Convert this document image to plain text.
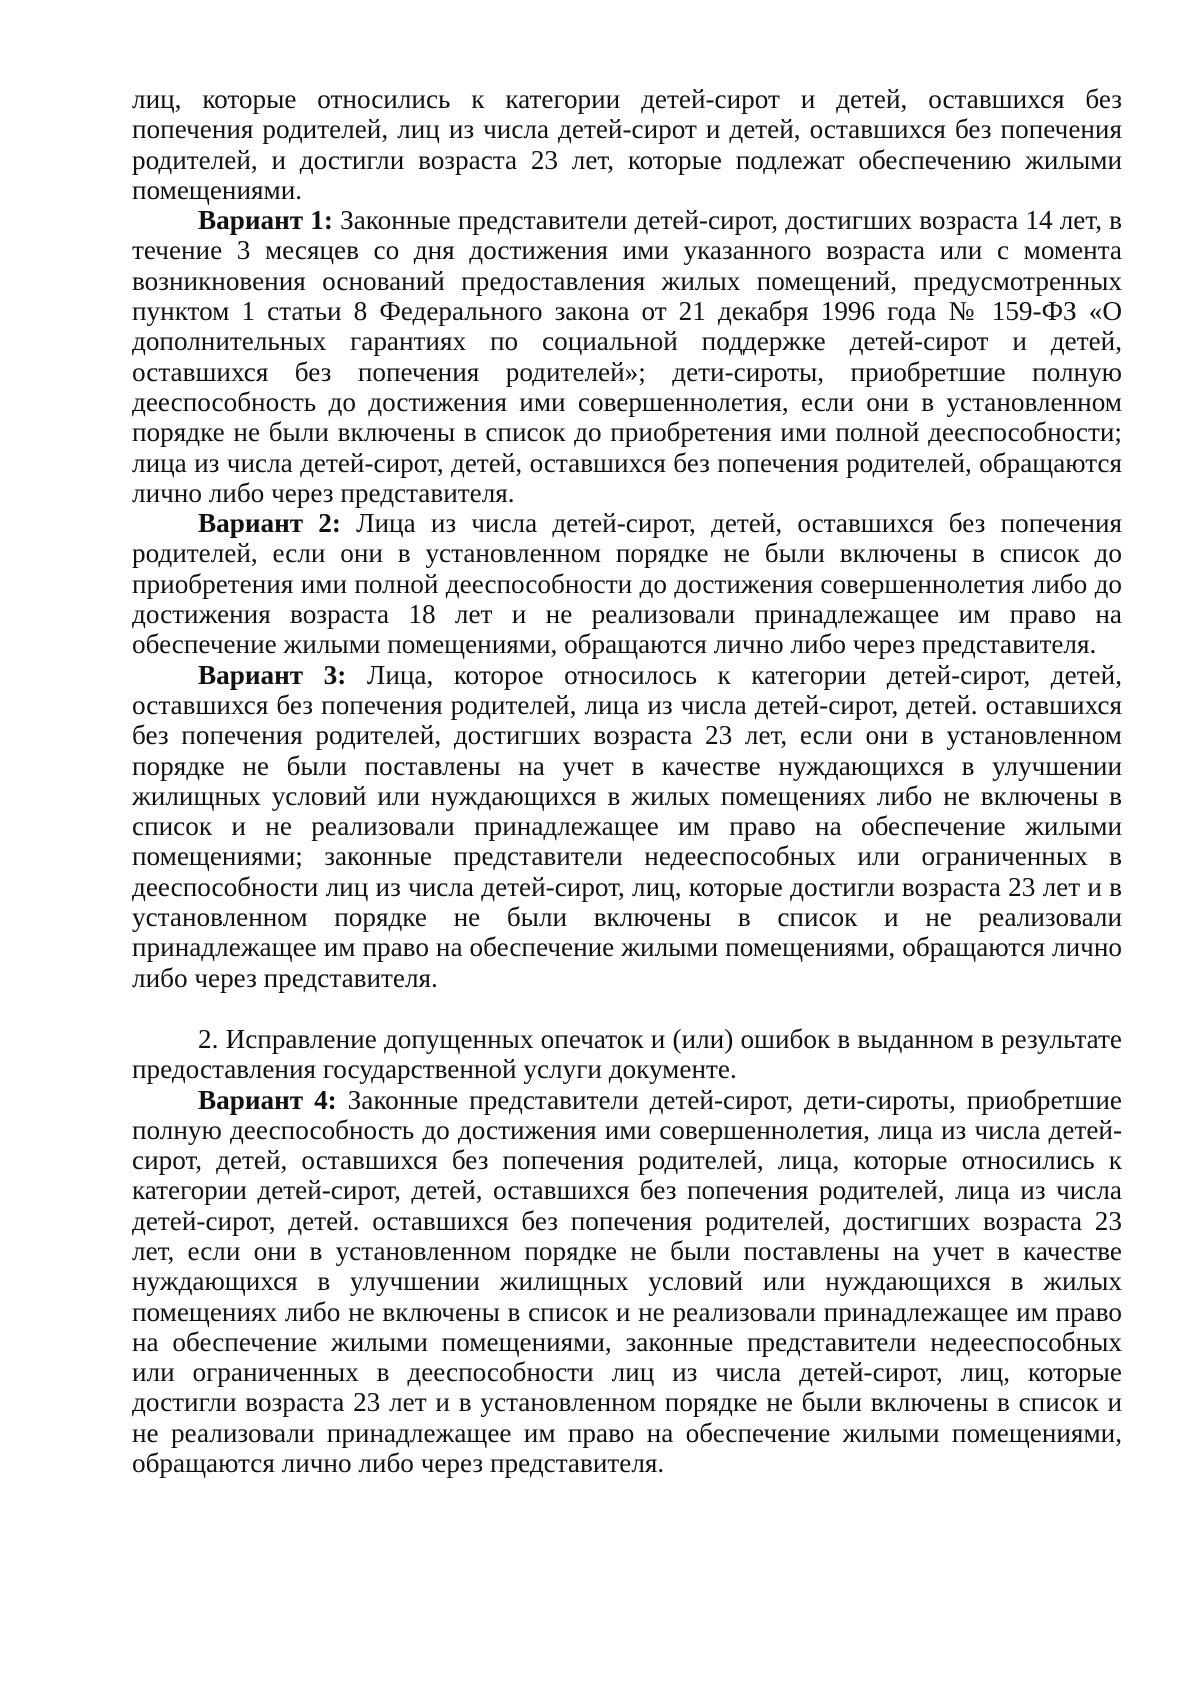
лиц, которые относились к категории детей-сирот и детей, оставшихся без попечения родителей, лиц из числа детей-сирот и детей, оставшихся без попечения родителей, и достигли возраста 23 лет, которые подлежат обеспечению жилыми помещениями.

Вариант 1: Законные представители детей-сирот, достигших возраста 14 лет, в течение 3 месяцев со дня достижения ими указанного возраста или с момента возникновения оснований предоставления жилых помещений, предусмотренных пунктом 1 статьи 8 Федерального закона от 21 декабря 1996 года № 159-ФЗ «О дополнительных гарантиях по социальной поддержке детей-сирот и детей, оставшихся без попечения родителей»; дети-сироты, приобретшие полную дееспособность до достижения ими совершеннолетия, если они в установленном порядке не были включены в список до приобретения ими полной дееспособности; лица из числа детей-сирот, детей, оставшихся без попечения родителей, обращаются лично либо через представителя.

Вариант 2: Лица из числа детей-сирот, детей, оставшихся без попечения родителей, если они в установленном порядке не были включены в список до приобретения ими полной дееспособности до достижения совершеннолетия либо до достижения возраста 18 лет и не реализовали принадлежащее им право на обеспечение жилыми помещениями, обращаются лично либо через представителя.

Вариант 3: Лица, которое относилось к категории детей-сирот, детей, оставшихся без попечения родителей, лица из числа детей-сирот, детей. оставшихся без попечения родителей, достигших возраста 23 лет, если они в установленном порядке не были поставлены на учет в качестве нуждающихся в улучшении жилищных условий или нуждающихся в жилых помещениях либо не включены в список и не реализовали принадлежащее им право на обеспечение жилыми помещениями; законные представители недееспособных или ограниченных в дееспособности лиц из числа детей-сирот, лиц, которые достигли возраста 23 лет и в установленном порядке не были включены в список и не реализовали принадлежащее им право на обеспечение жилыми помещениями, обращаются лично либо через представителя.

2. Исправление допущенных опечаток и (или) ошибок в выданном в результате предоставления государственной услуги документе.

Вариант 4: Законные представители детей-сирот, дети-сироты, приобретшие полную дееспособность до достижения ими совершеннолетия, лица из числа детей-сирот, детей, оставшихся без попечения родителей, лица, которые относились к категории детей-сирот, детей, оставшихся без попечения родителей, лица из числа детей-сирот, детей. оставшихся без попечения родителей, достигших возраста 23 лет, если они в установленном порядке не были поставлены на учет в качестве нуждающихся в улучшении жилищных условий или нуждающихся в жилых помещениях либо не включены в список и не реализовали принадлежащее им право на обеспечение жилыми помещениями, законные представители недееспособных или ограниченных в дееспособности лиц из числа детей-сирот, лиц, которые достигли возраста 23 лет и в установленном порядке не были включены в список и не реализовали принадлежащее им право на обеспечение жилыми помещениями, обращаются лично либо через представителя.
